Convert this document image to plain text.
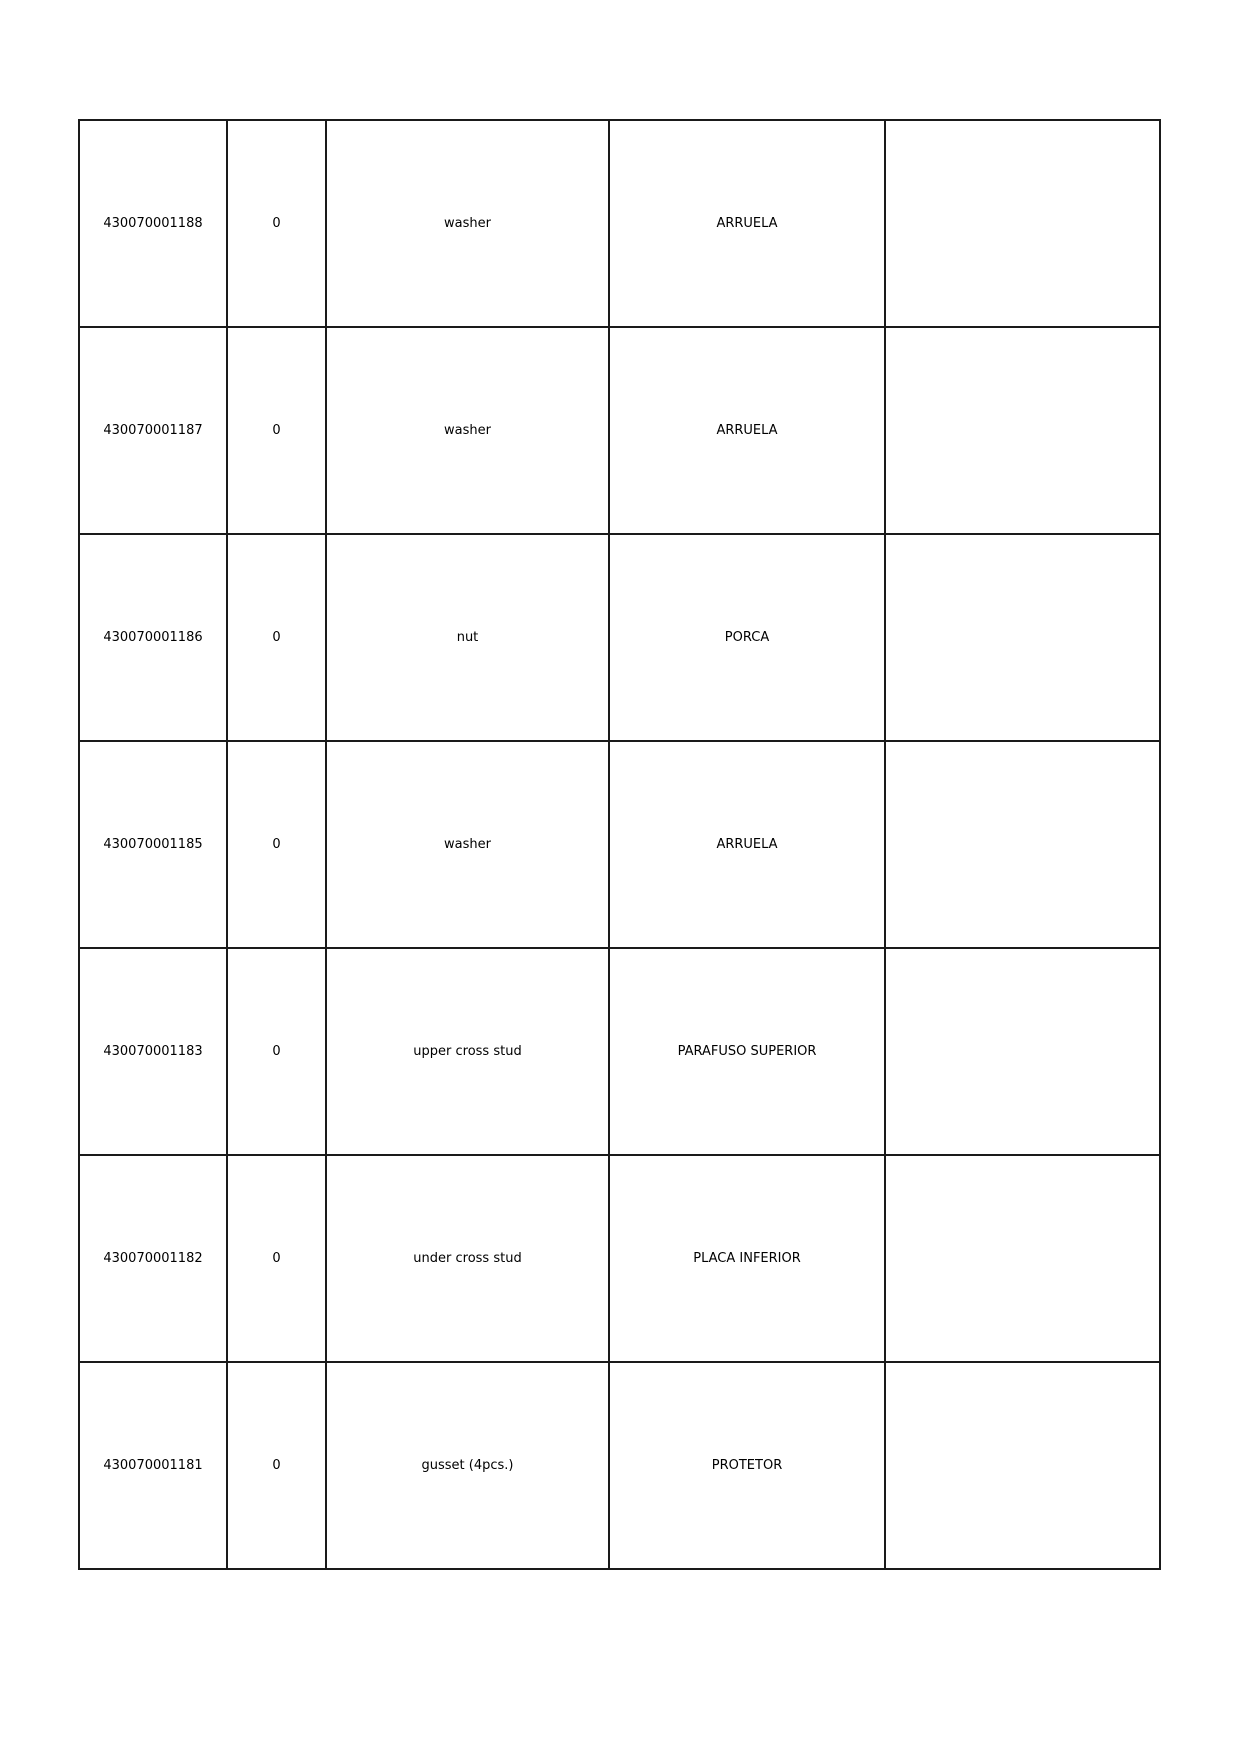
430070001188	0	washer	ARRUELA	
430070001187	0	washer	ARRUELA	
430070001186	0	nut	PORCA	
430070001185	0	washer	ARRUELA	
430070001183	0	upper cross stud	PARAFUSO SUPERIOR	
430070001182	0	under cross stud	PLACA INFERIOR	
430070001181	0	gusset (4pcs.)	PROTETOR	
